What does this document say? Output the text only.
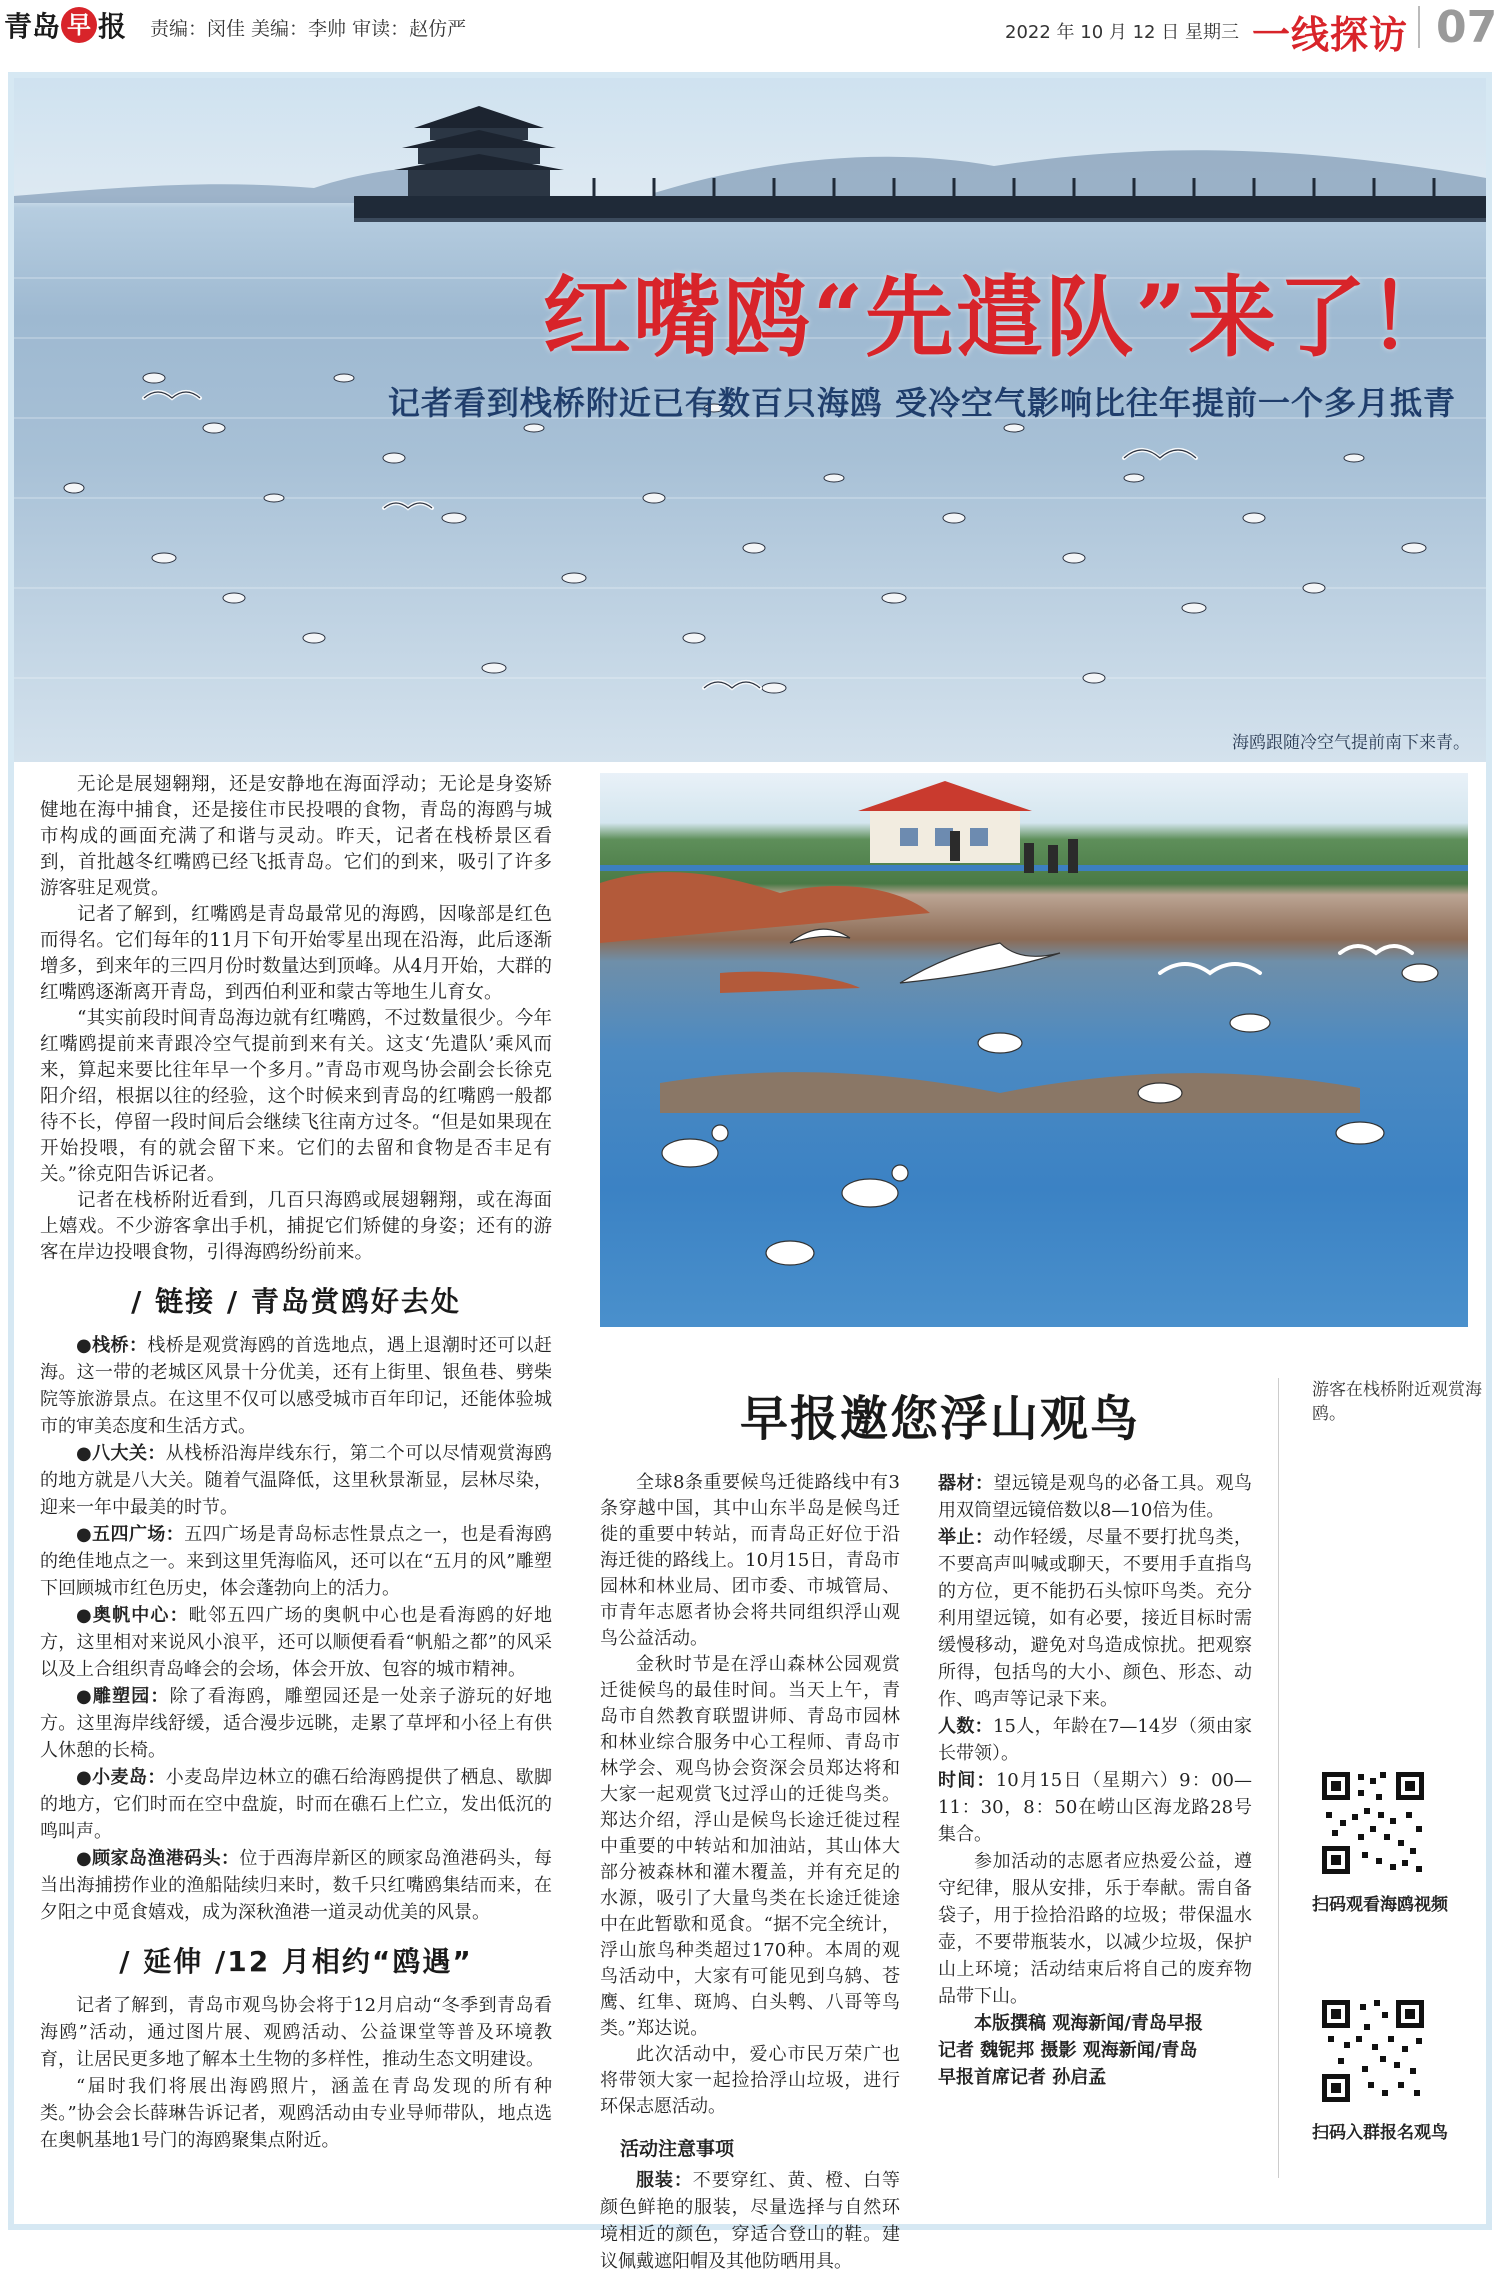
青岛 早 报 责编：闵佳 美编：李帅 审读：赵仿严	2022 年 10 月 12 日 星期三 一线探访 07
红嘴鸥“先遣队”来了！
记者看到栈桥附近已有数百只海鸥 受冷空气影响比往年提前一个多月抵青
海鸥跟随冷空气提前南下来青。

无论是展翅翱翔，还是安静地在海面浮动；无论是身姿矫健地在海中捕食，还是接住市民投喂的食物，青岛的海鸥与城市构成的画面充满了和谐与灵动。昨天，记者在栈桥景区看到，首批越冬红嘴鸥已经飞抵青岛。它们的到来，吸引了许多游客驻足观赏。

记者了解到，红嘴鸥是青岛最常见的海鸥，因喙部是红色而得名。它们每年的11月下旬开始零星出现在沿海，此后逐渐增多，到来年的三四月份时数量达到顶峰。从4月开始，大群的红嘴鸥逐渐离开青岛，到西伯利亚和蒙古等地生儿育女。

“其实前段时间青岛海边就有红嘴鸥，不过数量很少。今年红嘴鸥提前来青跟冷空气提前到来有关。这支‘先遣队’乘风而来，算起来要比往年早一个多月。”青岛市观鸟协会副会长徐克阳介绍，根据以往的经验，这个时候来到青岛的红嘴鸥一般都待不长，停留一段时间后会继续飞往南方过冬。“但是如果现在开始投喂，有的就会留下来。它们的去留和食物是否丰足有关。”徐克阳告诉记者。

记者在栈桥附近看到，几百只海鸥或展翅翱翔，或在海面上嬉戏。不少游客拿出手机，捕捉它们矫健的身姿；还有的游客在岸边投喂食物，引得海鸥纷纷前来。

/ 链接 / 青岛赏鸥好去处

●栈桥：栈桥是观赏海鸥的首选地点，遇上退潮时还可以赶海。这一带的老城区风景十分优美，还有上街里、银鱼巷、劈柴院等旅游景点。在这里不仅可以感受城市百年印记，还能体验城市的审美态度和生活方式。

●八大关：从栈桥沿海岸线东行，第二个可以尽情观赏海鸥的地方就是八大关。随着气温降低，这里秋景渐显，层林尽染，迎来一年中最美的时节。

●五四广场：五四广场是青岛标志性景点之一，也是看海鸥的绝佳地点之一。来到这里凭海临风，还可以在“五月的风”雕塑下回顾城市红色历史，体会蓬勃向上的活力。

●奥帆中心：毗邻五四广场的奥帆中心也是看海鸥的好地方，这里相对来说风小浪平，还可以顺便看看“帆船之都”的风采以及上合组织青岛峰会的会场，体会开放、包容的城市精神。

●雕塑园：除了看海鸥，雕塑园还是一处亲子游玩的好地方。这里海岸线舒缓，适合漫步远眺，走累了草坪和小径上有供人休憩的长椅。

●小麦岛：小麦岛岸边林立的礁石给海鸥提供了栖息、歇脚的地方，它们时而在空中盘旋，时而在礁石上伫立，发出低沉的鸣叫声。

●顾家岛渔港码头：位于西海岸新区的顾家岛渔港码头，每当出海捕捞作业的渔船陆续归来时，数千只红嘴鸥集结而来，在夕阳之中觅食嬉戏，成为深秋渔港一道灵动优美的风景。

/ 延伸 /12 月相约“鸥遇”

记者了解到，青岛市观鸟协会将于12月启动“冬季到青岛看海鸥”活动，通过图片展、观鸥活动、公益课堂等普及环境教育，让居民更多地了解本土生物的多样性，推动生态文明建设。

“届时我们将展出海鸥照片，涵盖在青岛发现的所有种类。”协会会长薛琳告诉记者，观鸥活动由专业导师带队，地点选在奥帆基地1号门的海鸥聚集点附近。

游客在栈桥附近观赏海鸥。
早报邀您浮山观鸟

全球8条重要候鸟迁徙路线中有3条穿越中国，其中山东半岛是候鸟迁徙的重要中转站，而青岛正好位于沿海迁徙的路线上。10月15日，青岛市园林和林业局、团市委、市城管局、市青年志愿者协会将共同组织浮山观鸟公益活动。

金秋时节是在浮山森林公园观赏迁徙候鸟的最佳时间。当天上午，青岛市自然教育联盟讲师、青岛市园林和林业综合服务中心工程师、青岛市林学会、观鸟协会资深会员郑达将和大家一起观赏飞过浮山的迁徙鸟类。郑达介绍，浮山是候鸟长途迁徙过程中重要的中转站和加油站，其山体大部分被森林和灌木覆盖，并有充足的水源，吸引了大量鸟类在长途迁徙途中在此暂歇和觅食。“据不完全统计，浮山旅鸟种类超过170种。本周的观鸟活动中，大家有可能见到乌鸫、苍鹰、红隼、斑鸠、白头鹎、八哥等鸟类。”郑达说。

此次活动中，爱心市民万荣广也将带领大家一起捡拾浮山垃圾，进行环保志愿活动。

活动注意事项

服装：不要穿红、黄、橙、白等颜色鲜艳的服装，尽量选择与自然环境相近的颜色，穿适合登山的鞋。建议佩戴遮阳帽及其他防晒用具。

器材：望远镜是观鸟的必备工具。观鸟用双筒望远镜倍数以8—10倍为佳。

举止：动作轻缓，尽量不要打扰鸟类，不要高声叫喊或聊天，不要用手直指鸟的方位，更不能扔石头惊吓鸟类。充分利用望远镜，如有必要，接近目标时需缓慢移动，避免对鸟造成惊扰。把观察所得，包括鸟的大小、颜色、形态、动作、鸣声等记录下来。

人数：15人，年龄在7—14岁（须由家长带领）。

时间：10月15日（星期六）9：00—11：30，8：50在崂山区海龙路28号集合。

参加活动的志愿者应热爱公益，遵守纪律，服从安排，乐于奉献。需自备袋子，用于捡拾沿路的垃圾；带保温水壶，不要带瓶装水，以减少垃圾，保护山上环境；活动结束后将自己的废弃物品带下山。

本版撰稿 观海新闻/青岛早报

记者 魏铌邦 摄影 观海新闻/青岛

早报首席记者 孙启孟

扫码观看海鸥视频
扫码入群报名观鸟
